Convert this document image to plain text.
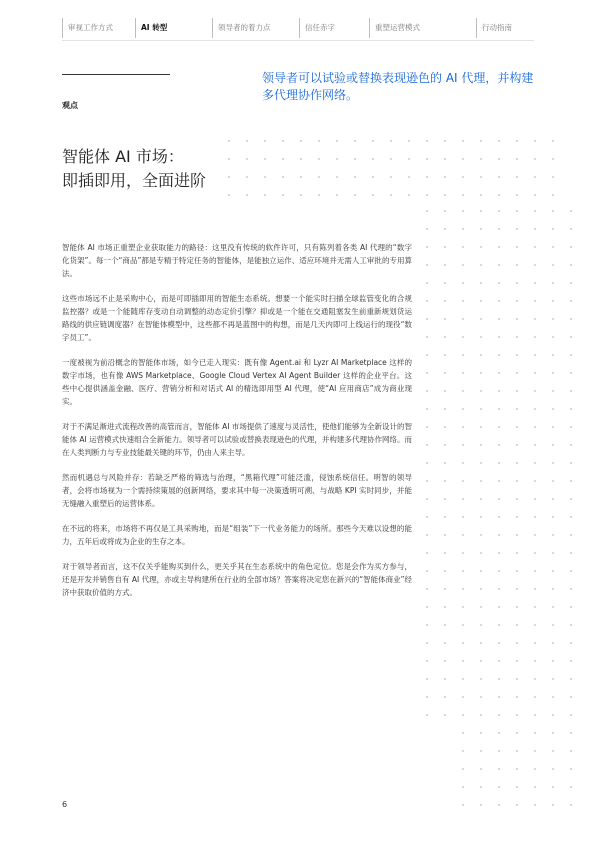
审视工作方式	AI 转型	领导者的着力点	信任赤字	重塑运营模式	行动指南
观点
领导者可以试验或替换表现逊色的 AI 代理，并构建多代理协作网络。
智能体 AI 市场：
即插即用，全面进阶

智能体 AI 市场正重塑企业获取能力的路径：这里没有传统的软件许可，只有陈列着各类 AI 代理的“数字化货架”。每一个“商品”都是专精于特定任务的智能体，是能独立运作、适应环境并无需人工审批的专用算法。

这些市场远不止是采购中心，而是可即插即用的智能生态系统。想要一个能实时扫描全球监管变化的合规监控器？或是一个能随库存变动自动调整的动态定价引擎？抑或是一个能在交通阻塞发生前重新规划货运路线的供应链调度器？在智能体模型中，这些都不再是蓝图中的构想，而是几天内即可上线运行的现役“数字员工”。

一度被视为前沿概念的智能体市场，如今已走入现实：既有像 Agent.ai 和 Lyzr AI Marketplace 这样的数字市场，也有像 AWS Marketplace、Google Cloud Vertex AI Agent Builder 这样的企业平台。这些中心提供涵盖金融、医疗、营销分析和对话式 AI 的精选即用型 AI 代理，使“AI 应用商店”成为商业现实。

对于不满足渐进式流程改善的高管而言，智能体 AI 市场提供了速度与灵活性，使他们能够为全新设计的智能体 AI 运营模式快速组合全新能力。领导者可以试验或替换表现逊色的代理，并构建多代理协作网络。而在人类判断力与专业技能最关键的环节，仍由人来主导。

然而机遇总与风险并存：若缺乏严格的筛选与治理，“黑箱代理”可能泛滥，侵蚀系统信任。明智的领导者，会将市场视为一个需持续策展的创新网络，要求其中每一决策透明可溯、与战略 KPI 实时同步，并能无缝融入重塑后的运营体系。

在不远的将来，市场将不再仅是工具采购地，而是“组装”下一代业务能力的场所。那些今天难以设想的能力，五年后或将成为企业的生存之本。

对于领导者而言，这不仅关乎能购买到什么，更关乎其在生态系统中的角色定位。您是会作为买方参与，还是开发并销售自有 AI 代理，亦或主导构建所在行业的全部市场？答案将决定您在新兴的“智能体商业”经济中获取价值的方式。

6
